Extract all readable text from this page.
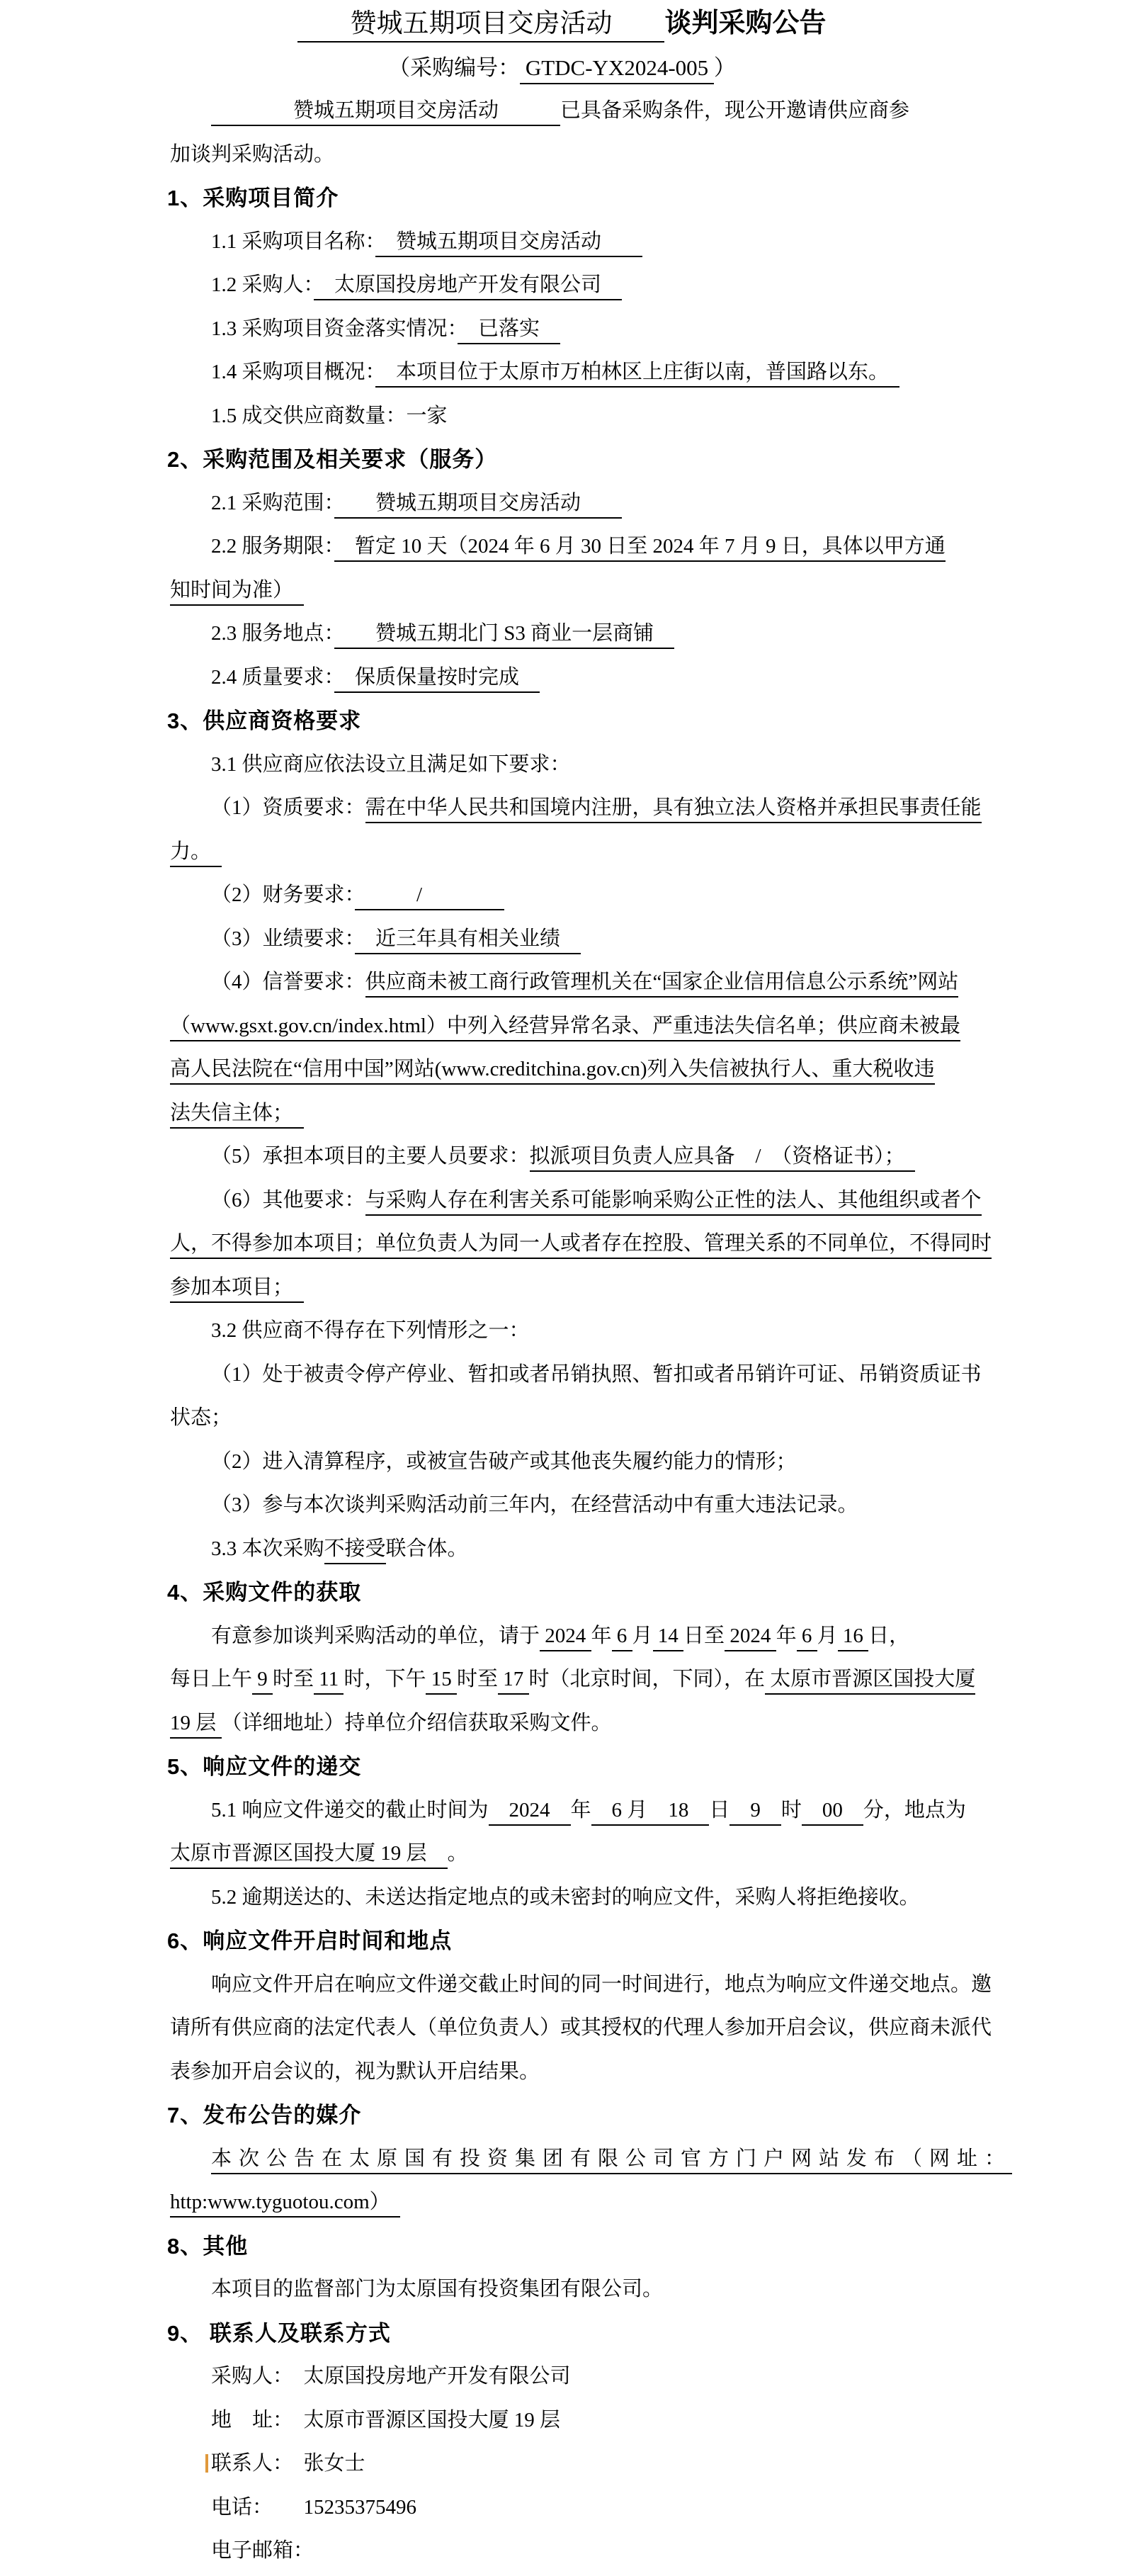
　　赞城五期项目交房活动　　谈判采购公告
（采购编号： GTDC-YX2024-005 ）
　　　　　　赞城五期项目交房活动　　　已具备采购条件，现公开邀请供应商参
加谈判采购活动。
1、采购项目简介
1.1 采购项目名称：　赞城五期项目交房活动　　
1.2 采购人：　太原国投房地产开发有限公司　
1.3 采购项目资金落实情况：　已落实　
1.4 采购项目概况：　本项目位于太原市万柏林区上庄街以南，普国路以东。　
1.5 成交供应商数量：一家
2、采购范围及相关要求（服务）
2.1 采购范围：　　赞城五期项目交房活动　　
2.2 服务期限：　暂定 10 天（2024 年 6 月 30 日至 2024 年 7 月 9 日，具体以甲方通
知时间为准）　
2.3 服务地点：　　赞城五期北门 S3 商业一层商铺　
2.4 质量要求：　保质保量按时完成　
3、供应商资格要求
3.1 供应商应依法设立且满足如下要求：
（1）资质要求：需在中华人民共和国境内注册，具有独立法人资格并承担民事责任能
力。　
（2）财务要求：　　　/　　　　
（3）业绩要求：　近三年具有相关业绩　
（4）信誉要求：供应商未被工商行政管理机关在“国家企业信用信息公示系统”网站
（www.gsxt.gov.cn/index.html）中列入经营异常名录、严重违法失信名单；供应商未被最
高人民法院在“信用中国”网站(www.creditchina.gov.cn)列入失信被执行人、重大税收违
法失信主体；　
（5）承担本项目的主要人员要求：拟派项目负责人应具备　/　（资格证书）；　
（6）其他要求：与采购人存在利害关系可能影响采购公正性的法人、其他组织或者个
人，不得参加本项目；单位负责人为同一人或者存在控股、管理关系的不同单位，不得同时
参加本项目；　
3.2 供应商不得存在下列情形之一：
（1）处于被责令停产停业、暂扣或者吊销执照、暂扣或者吊销许可证、吊销资质证书
状态；
（2）进入清算程序，或被宣告破产或其他丧失履约能力的情形；
（3）参与本次谈判采购活动前三年内，在经营活动中有重大违法记录。
3.3 本次采购不接受联合体。
4、采购文件的获取
有意参加谈判采购活动的单位，请于 2024 年 6 月 14 日至 2024 年 6 月 16 日，
每日上午 9 时至 11 时，下午 15 时至 17 时（北京时间，下同），在 太原市晋源区国投大厦
19 层 （详细地址）持单位介绍信获取采购文件。
5、响应文件的递交
5.1 响应文件递交的截止时间为　2024　年　6 月　18　日　9　时　00　分，地点为
太原市晋源区国投大厦 19 层　。
5.2 逾期送达的、未送达指定地点的或未密封的响应文件，采购人将拒绝接收。
6、响应文件开启时间和地点
响应文件开启在响应文件递交截止时间的同一时间进行，地点为响应文件递交地点。邀
请所有供应商的法定代表人（单位负责人）或其授权的代理人参加开启会议，供应商未派代
表参加开启会议的，视为默认开启结果。
7、发布公告的媒介
本次公告在太原国有投资集团有限公司官方门户网站发布（网址：
http:www.tyguotou.com）　
8、其他
本项目的监督部门为太原国有投资集团有限公司。
9、 联系人及联系方式
采购人：　太原国投房地产开发有限公司
地　址：　太原市晋源区国投大厦 19 层
联系人：　张女士
电话：　　15235375496
电子邮箱：
